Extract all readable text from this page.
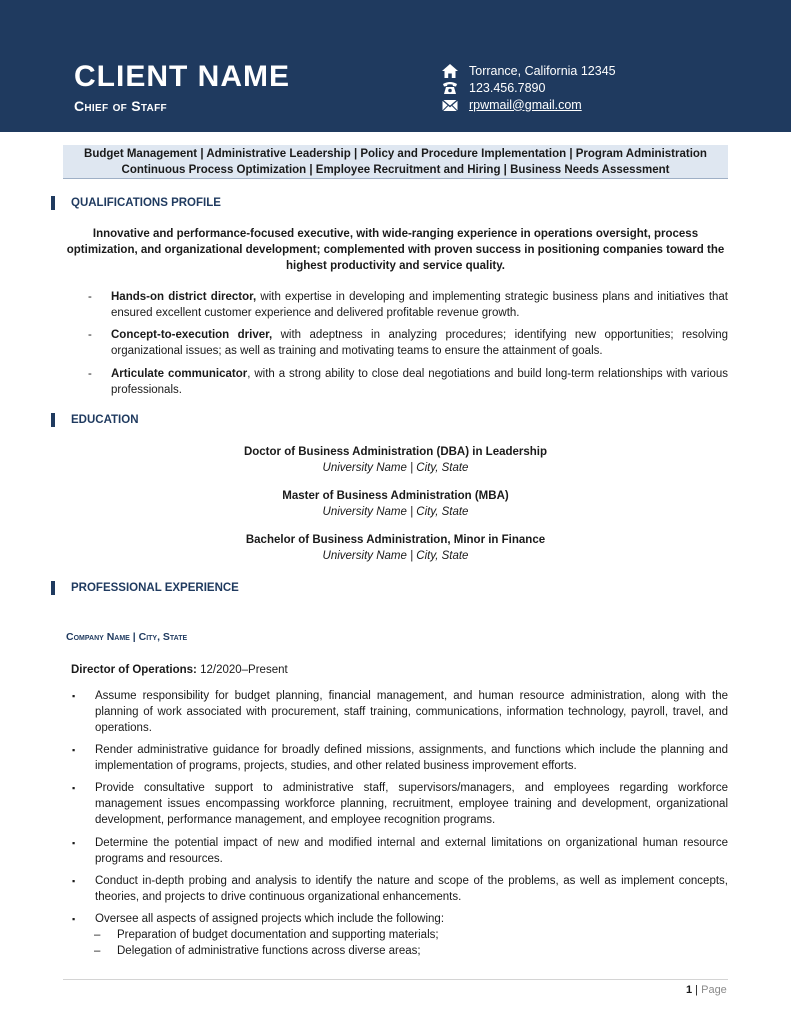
CLIENT NAME
Chief of Staff
Torrance, California 12345
123.456.7890
rpwmail@gmail.com
Budget Management | Administrative Leadership | Policy and Procedure Implementation | Program Administration
Continuous Process Optimization | Employee Recruitment and Hiring | Business Needs Assessment
QUALIFICATIONS PROFILE
Innovative and performance-focused executive, with wide-ranging experience in operations oversight, process optimization, and organizational development; complemented with proven success in positioning companies toward the highest productivity and service quality.
- Hands-on district director, with expertise in developing and implementing strategic business plans and initiatives that ensured excellent customer experience and delivered profitable revenue growth.
- Concept-to-execution driver, with adeptness in analyzing procedures; identifying new opportunities; resolving organizational issues; as well as training and motivating teams to ensure the attainment of goals.
- Articulate communicator, with a strong ability to close deal negotiations and build long-term relationships with various professionals.
EDUCATION
Doctor of Business Administration (DBA) in Leadership
University Name | City, State
Master of Business Administration (MBA)
University Name | City, State
Bachelor of Business Administration, Minor in Finance
University Name | City, State
PROFESSIONAL EXPERIENCE
Company Name | City, State
Director of Operations: 12/2020–Present
▪ Assume responsibility for budget planning, financial management, and human resource administration, along with the planning of work associated with procurement, staff training, communications, information technology, payroll, travel, and operations.
▪ Render administrative guidance for broadly defined missions, assignments, and functions which include the planning and implementation of programs, projects, studies, and other related business improvement efforts.
▪ Provide consultative support to administrative staff, supervisors/managers, and employees regarding workforce management issues encompassing workforce planning, recruitment, employee training and development, organizational development, performance management, and employee recognition programs.
▪ Determine the potential impact of new and modified internal and external limitations on organizational human resource programs and resources.
▪ Conduct in-depth probing and analysis to identify the nature and scope of the problems, as well as implement concepts, theories, and projects to drive continuous organizational enhancements.
▪ Oversee all aspects of assigned projects which include the following:
– Preparation of budget documentation and supporting materials;
– Delegation of administrative functions across diverse areas;
1 | Page
